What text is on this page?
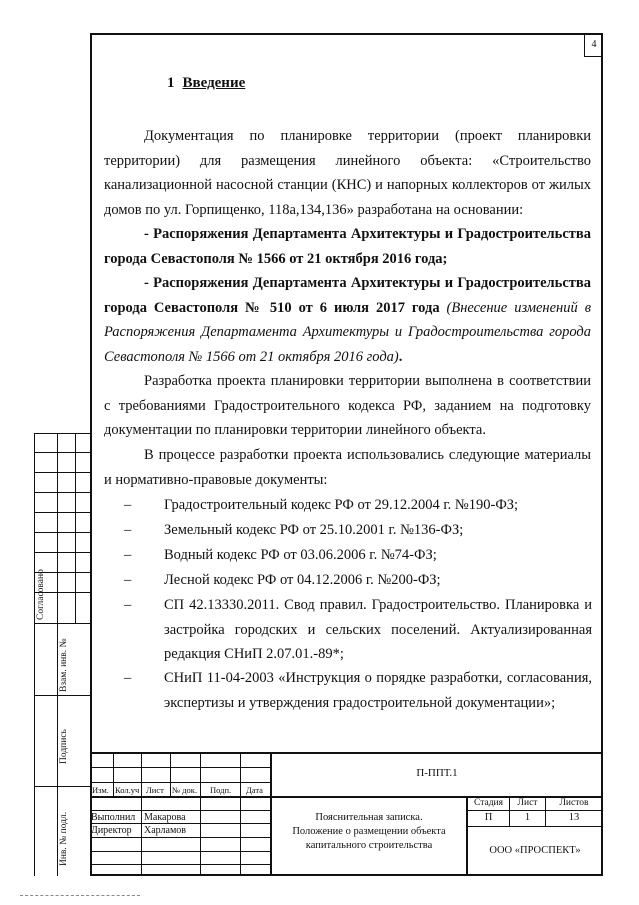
4
1 Введение
Документация по планировке территории (проект планировки территории) для размещения линейного объекта: «Строительство канализационной насосной станции (КНС) и напорных коллекторов от жилых домов по ул. Горпищенко, 118а,134,136» разработана на основании:
- Распоряжения Департамента Архитектуры и Градостроительства города Севастополя № 1566 от 21 октября 2016 года;
- Распоряжения Департамента Архитектуры и Градостроительства города Севастополя № 510 от 6 июля 2017 года (Внесение изменений в Распоряжения Департамента Архитектуры и Градостроительства города Севастополя № 1566 от 21 октября 2016 года).
Разработка проекта планировки территории выполнена в соответствии с требованиями Градостроительного кодекса РФ, заданием на подготовку документации по планировки территории линейного объекта.
В процессе разработки проекта использовались следующие материалы и нормативно-правовые документы:
– Градостроительный кодекс РФ от 29.12.2004 г. №190-ФЗ;
– Земельный кодекс РФ от 25.10.2001 г. №136-ФЗ;
– Водный кодекс РФ от 03.06.2006 г. №74-ФЗ;
– Лесной кодекс РФ от 04.12.2006 г. №200-ФЗ;
– СП 42.13330.2011. Свод правил. Градостроительство. Планировка и застройка городских и сельских поселений. Актуализированная редакция СНиП 2.07.01.-89*;
– СНиП 11-04-2003 «Инструкция о порядке разработки, согласования, экспертизы и утверждения градостроительной документации»;
Согласовано
Взам. инв. №
Подпись
Инв. № подл.
Изм. Кол.уч Лист № док. Подп. Дата
Выполнил Макарова
Директор Харламов
П-ППТ.1
Пояснительная записка.
Положение о размещении объекта
капитального строительства
Стадия	Лист	Листов
П	1	13
ООО «ПРОСПЕКТ»
